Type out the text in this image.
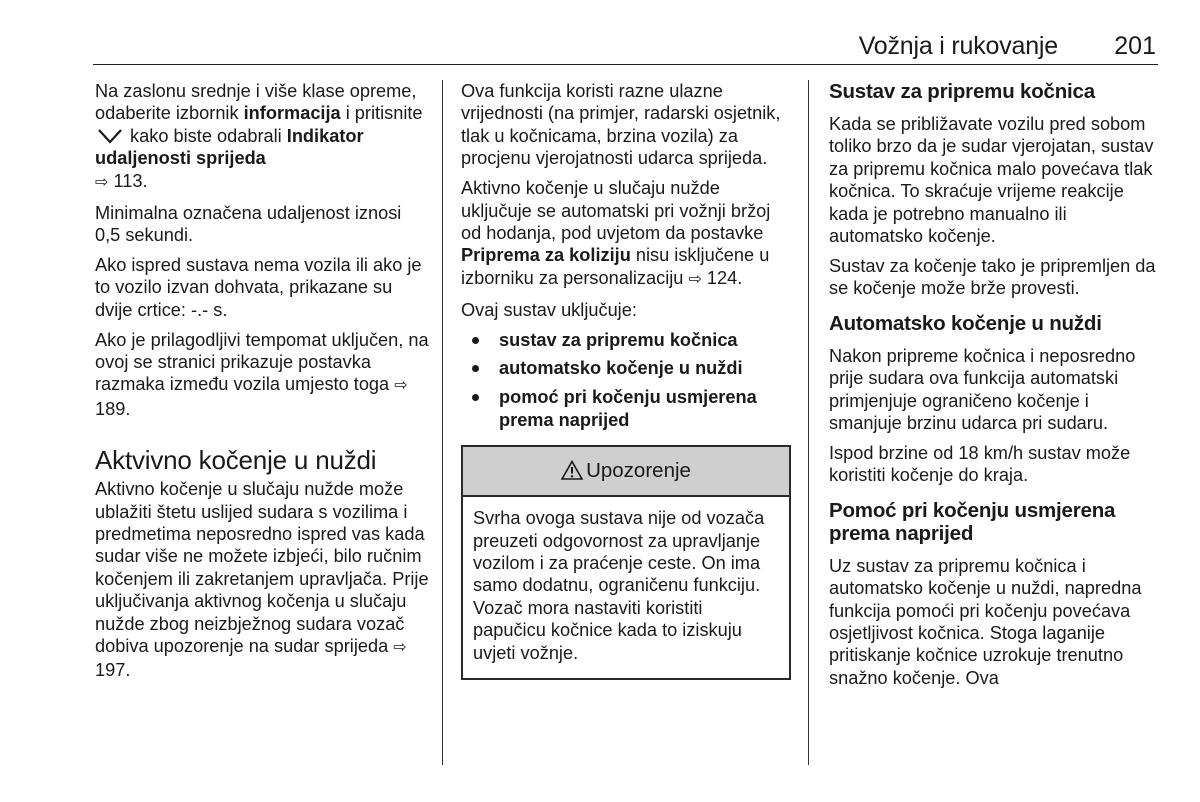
Vožnja i rukovanje 201

Na zaslonu srednje i više klase opreme, odaberite izbornik informacija i pritisnite  kako biste odabrali Indikator udaljenosti sprijeda
⇨ 113.

Minimalna označena udaljenost iznosi 0,5 sekundi.

Ako ispred sustava nema vozila ili ako je to vozilo izvan dohvata, prikazane su dvije crtice: -.- s.

Ako je prilagodljivi tempomat uključen, na ovoj se stranici prikazuje postavka razmaka između vozila umjesto toga ⇨ 189.

Aktvivno kočenje u nuždi

Aktivno kočenje u slučaju nužde može ublažiti štetu uslijed sudara s vozilima i predmetima neposredno ispred vas kada sudar više ne možete izbjeći, bilo ručnim kočenjem ili zakretanjem upravljača. Prije uključivanja aktivnog kočenja u slučaju nužde zbog neizbježnog sudara vozač dobiva upozorenje na sudar sprijeda ⇨ 197.

Ova funkcija koristi razne ulazne vrijednosti (na primjer, radarski osjetnik, tlak u kočnicama, brzina vozila) za procjenu vjerojatnosti udarca sprijeda.

Aktivno kočenje u slučaju nužde uključuje se automatski pri vožnji bržoj od hodanja, pod uvjetom da postavke Priprema za koliziju nisu isključene u izborniku za personalizaciju ⇨ 124.

Ovaj sustav uključuje:

sustav za pripremu kočnica
automatsko kočenje u nuždi
pomoć pri kočenju usmjerena prema naprijed
Upozorenje
Svrha ovoga sustava nije od vozača preuzeti odgovornost za upravljanje vozilom i za praćenje ceste. On ima samo dodatnu, ograničenu funkciju. Vozač mora nastaviti koristiti papučicu kočnice kada to iziskuju uvjeti vožnje.
Sustav za pripremu kočnica

Kada se približavate vozilu pred sobom toliko brzo da je sudar vjerojatan, sustav za pripremu kočnica malo povećava tlak kočnica. To skraćuje vrijeme reakcije kada je potrebno manualno ili automatsko kočenje.

Sustav za kočenje tako je pripremljen da se kočenje može brže provesti.

Automatsko kočenje u nuždi

Nakon pripreme kočnica i neposredno prije sudara ova funkcija automatski primjenjuje ograničeno kočenje i smanjuje brzinu udarca pri sudaru.

Ispod brzine od 18 km/h sustav može koristiti kočenje do kraja.

Pomoć pri kočenju usmjerena prema naprijed

Uz sustav za pripremu kočnica i automatsko kočenje u nuždi, napredna funkcija pomoći pri kočenju povećava osjetljivost kočnica. Stoga laganije pritiskanje kočnice uzrokuje trenutno snažno kočenje. Ova
